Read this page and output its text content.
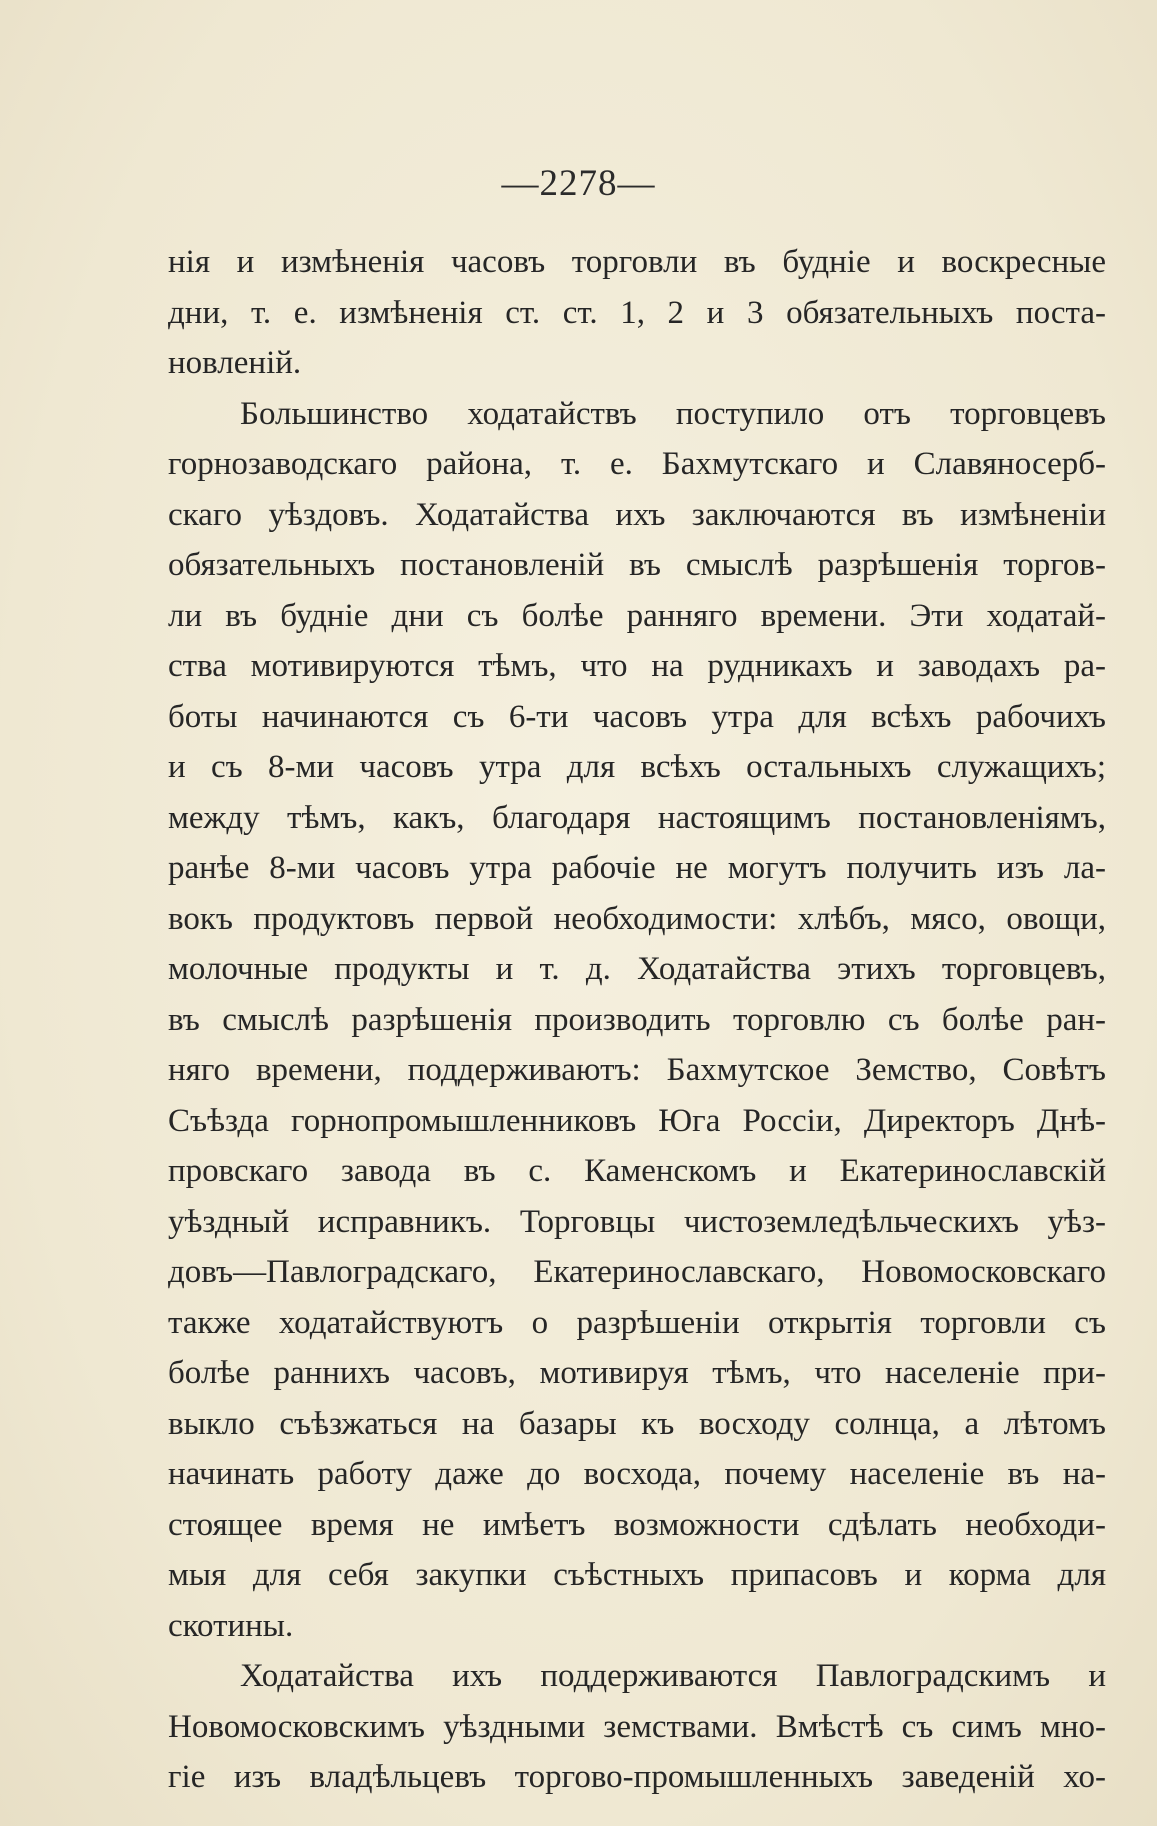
—2278—
нія и измѣненія часовъ торговли въ будніе и воскресные
дни, т. е. измѣненія ст. ст. 1, 2 и 3 обязательныхъ поста-
новленій.
Большинство ходатайствъ поступило отъ торговцевъ
горнозаводскаго района, т. е. Бахмутскаго и Славяносерб-
скаго уѣздовъ. Ходатайства ихъ заключаются въ измѣненіи
обязательныхъ постановленій въ смыслѣ разрѣшенія торгов-
ли въ будніе дни съ болѣе ранняго времени. Эти ходатай-
ства мотивируются тѣмъ, что на рудникахъ и заводахъ ра-
боты начинаются съ 6-ти часовъ утра для всѣхъ рабочихъ
и съ 8-ми часовъ утра для всѣхъ остальныхъ служащихъ;
между тѣмъ, какъ, благодаря настоящимъ постановленіямъ,
ранѣе 8-ми часовъ утра рабочіе не могутъ получить изъ ла-
вокъ продуктовъ первой необходимости: хлѣбъ, мясо, овощи,
молочные продукты и т. д. Ходатайства этихъ торговцевъ,
въ смыслѣ разрѣшенія производить торговлю съ болѣе ран-
няго времени, поддерживаютъ: Бахмутское Земство, Совѣтъ
Съѣзда горнопромышленниковъ Юга Россіи, Директоръ Днѣ-
провскаго завода въ с. Каменскомъ и Екатеринославскій
уѣздный исправникъ. Торговцы чистоземледѣльческихъ уѣз-
довъ—Павлоградскаго, Екатеринославскаго, Новомосковскаго
также ходатайствуютъ о разрѣшеніи открытія торговли съ
болѣе раннихъ часовъ, мотивируя тѣмъ, что населеніе при-
выкло съѣзжаться на базары къ восходу солнца, а лѣтомъ
начинать работу даже до восхода, почему населеніе въ на-
стоящее время не имѣетъ возможности сдѣлать необходи-
мыя для себя закупки съѣстныхъ припасовъ и корма для
скотины.
Ходатайства ихъ поддерживаются Павлоградскимъ и
Новомосковскимъ уѣздными земствами. Вмѣстѣ съ симъ мно-
гіе изъ владѣльцевъ торгово-промышленныхъ заведеній хо-
